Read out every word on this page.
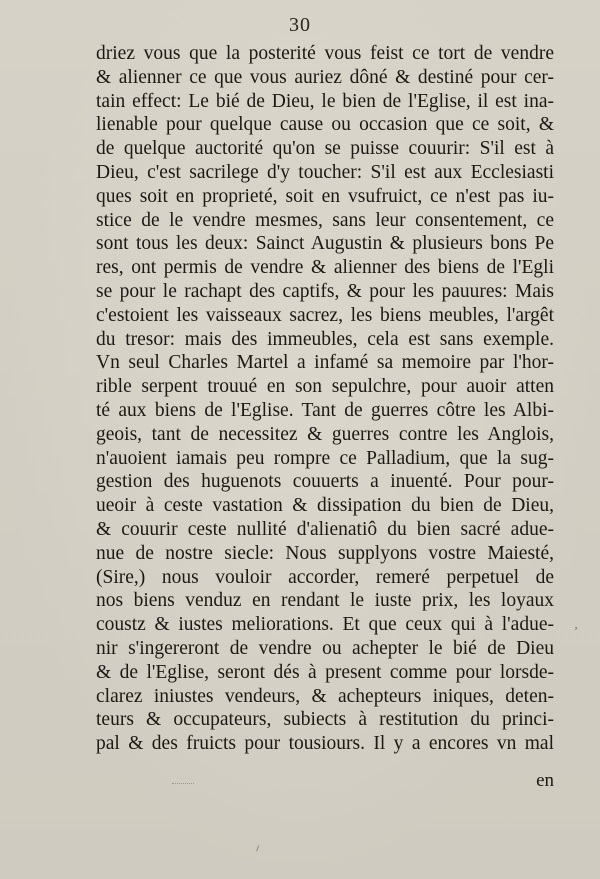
30
driez vous que la posterité vous feist ce tort de vendre
& alienner ce que vous auriez dôné & destiné pour cer-
tain effect: Le bié de Dieu, le bien de l'Eglise, il est ina-
lienable pour quelque cause ou occasion que ce soit, &
de quelque auctorité qu'on se puisse couurir: S'il est à
Dieu, c'est sacrilege d'y toucher: S'il est aux Ecclesiasti
ques soit en proprieté, soit en vsufruict, ce n'est pas iu-
stice de le vendre mesmes, sans leur consentement, ce
sont tous les deux: Sainct Augustin & plusieurs bons Pe
res, ont permis de vendre & alienner des biens de l'Egli
se pour le rachapt des captifs, & pour les pauures: Mais
c'estoient les vaisseaux sacrez, les biens meubles, l'argêt
du tresor: mais des immeubles, cela est sans exemple.
Vn seul Charles Martel a infamé sa memoire par l'hor-
rible serpent trouué en son sepulchre, pour auoir atten
té aux biens de l'Eglise. Tant de guerres côtre les Albi-
geois, tant de necessitez & guerres contre les Anglois,
n'auoient iamais peu rompre ce Palladium, que la sug-
gestion des huguenots couuerts a inuenté. Pour pour-
ueoir à ceste vastation & dissipation du bien de Dieu,
& couurir ceste nullité d'alienatiô du bien sacré adue-
nue de nostre siecle: Nous supplyons vostre Maiesté,
(Sire,) nous vouloir accorder, remeré perpetuel de
nos biens venduz en rendant le iuste prix, les loyaux
coustz & iustes meliorations. Et que ceux qui à l'adue-
nir s'ingereront de vendre ou achepter le bié de Dieu
& de l'Eglise, seront dés à present comme pour lorsde-
clarez iniustes vendeurs, & achepteurs iniques, deten-
teurs & occupateurs, subiects à restitution du princi-
pal & des fruicts pour tousiours. Il y a encores vn mal
en
ʼ
